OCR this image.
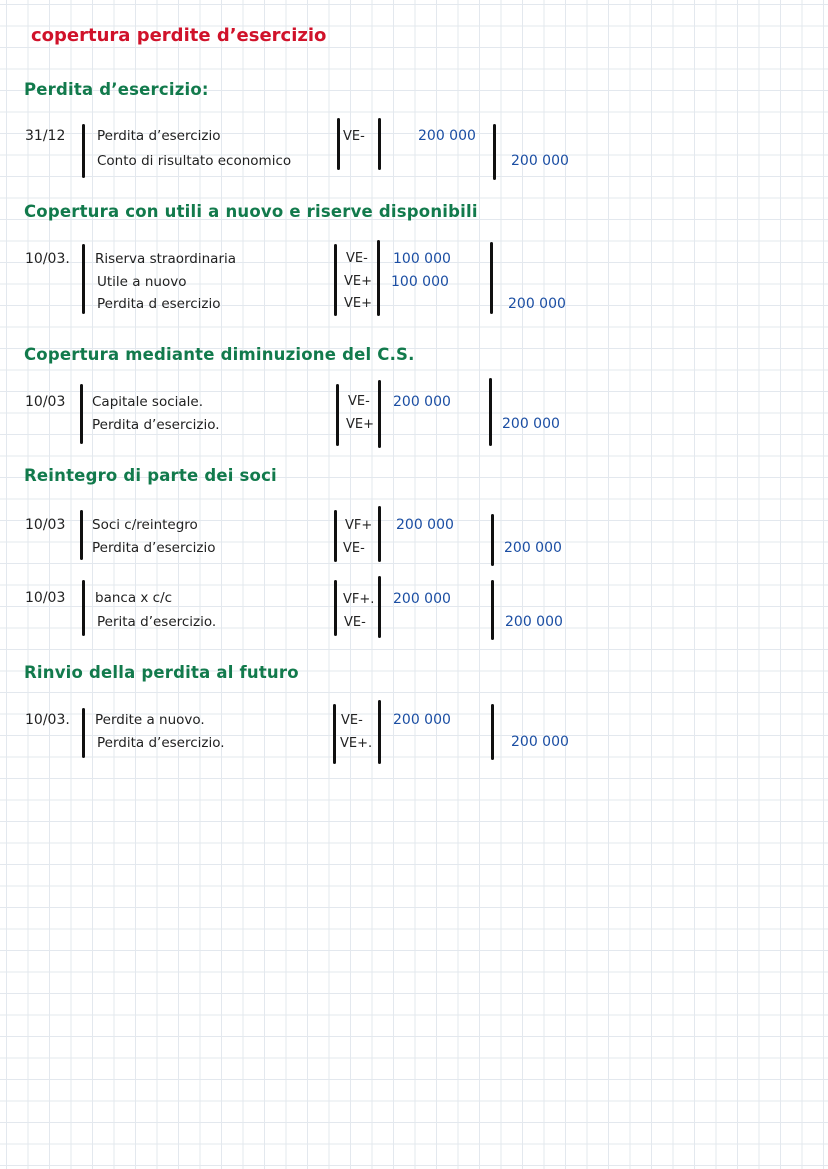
copertura perdite d’esercizio
Perdita d’esercizio:
31/12 Perdita d’esercizio
Conto di risultato economico
VE-	200 000
200 000
Copertura con utili a nuovo e riserve disponibili
10/03. Riserva straordinaria
Utile a nuovo
Perdita d esercizio
VE-
VE+
VE+
100 000
100 000
200 000
Copertura mediante diminuzione del C.S.
10/03 Capitale sociale.
Perdita d’esercizio.
VE-
VE+
200 000
200 000
Reintegro di parte dei soci
10/03 Soci c/reintegro
Perdita d’esercizio
VF+
VE-
200 000
200 000
10/03 banca x c/c
Perita d’esercizio.
VF+.
VE-
200 000
200 000
Rinvio della perdita al futuro
10/03. Perdite a nuovo.
Perdita d’esercizio.
VE-
VE+.
200 000
200 000
